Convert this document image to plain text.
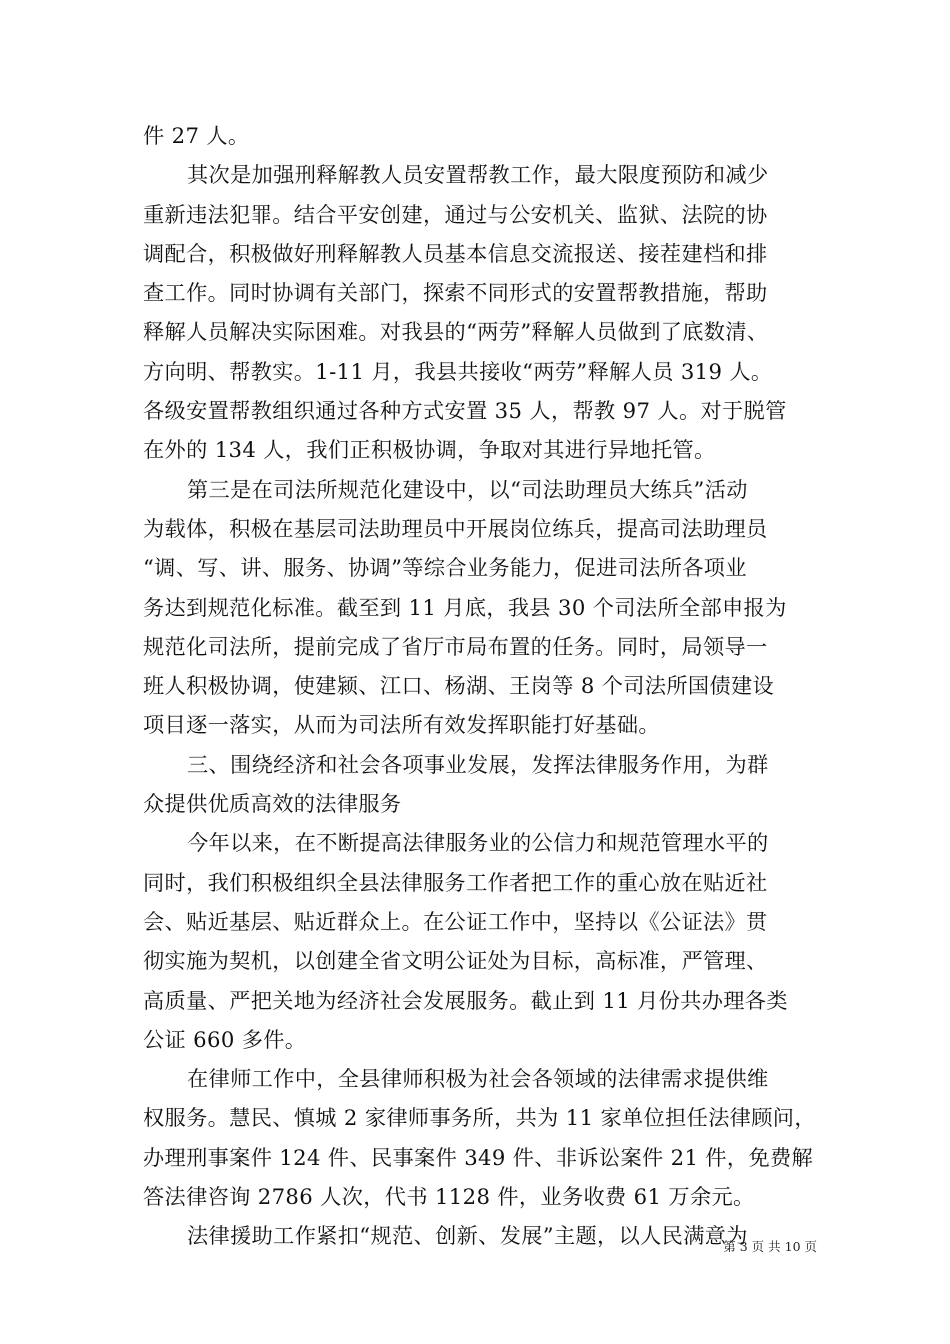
件 27 人。
其次是加强刑释解教人员安置帮教工作，最大限度预防和减少
重新违法犯罪。结合平安创建，通过与公安机关、监狱、法院的协
调配合，积极做好刑释解教人员基本信息交流报送、接茬建档和排
查工作。同时协调有关部门，探索不同形式的安置帮教措施，帮助
释解人员解决实际困难。对我县的“两劳”释解人员做到了底数清、
方向明、帮教实。1-11 月，我县共接收“两劳”释解人员 319 人。
各级安置帮教组织通过各种方式安置 35 人，帮教 97 人。对于脱管
在外的 134 人，我们正积极协调，争取对其进行异地托管。
第三是在司法所规范化建设中，以“司法助理员大练兵”活动
为载体，积极在基层司法助理员中开展岗位练兵，提高司法助理员
“调、写、讲、服务、协调”等综合业务能力，促进司法所各项业
务达到规范化标准。截至到 11 月底，我县 30 个司法所全部申报为
规范化司法所，提前完成了省厅市局布置的任务。同时，局领导一
班人积极协调，使建颍、江口、杨湖、王岗等 8 个司法所国债建设
项目逐一落实，从而为司法所有效发挥职能打好基础。
三、围绕经济和社会各项事业发展，发挥法律服务作用，为群
众提供优质高效的法律服务
今年以来，在不断提高法律服务业的公信力和规范管理水平的
同时，我们积极组织全县法律服务工作者把工作的重心放在贴近社
会、贴近基层、贴近群众上。在公证工作中，坚持以《公证法》贯
彻实施为契机，以创建全省文明公证处为目标，高标准，严管理、
高质量、严把关地为经济社会发展服务。截止到 11 月份共办理各类
公证 660 多件。
在律师工作中，全县律师积极为社会各领域的法律需求提供维
权服务。慧民、慎城 2 家律师事务所，共为 11 家单位担任法律顾问，
办理刑事案件 124 件、民事案件 349 件、非诉讼案件 21 件，免费解
答法律咨询 2786 人次，代书 1128 件，业务收费 61 万余元。
法律援助工作紧扣“规范、创新、发展”主题，以人民满意为
第 3 页 共 10 页
